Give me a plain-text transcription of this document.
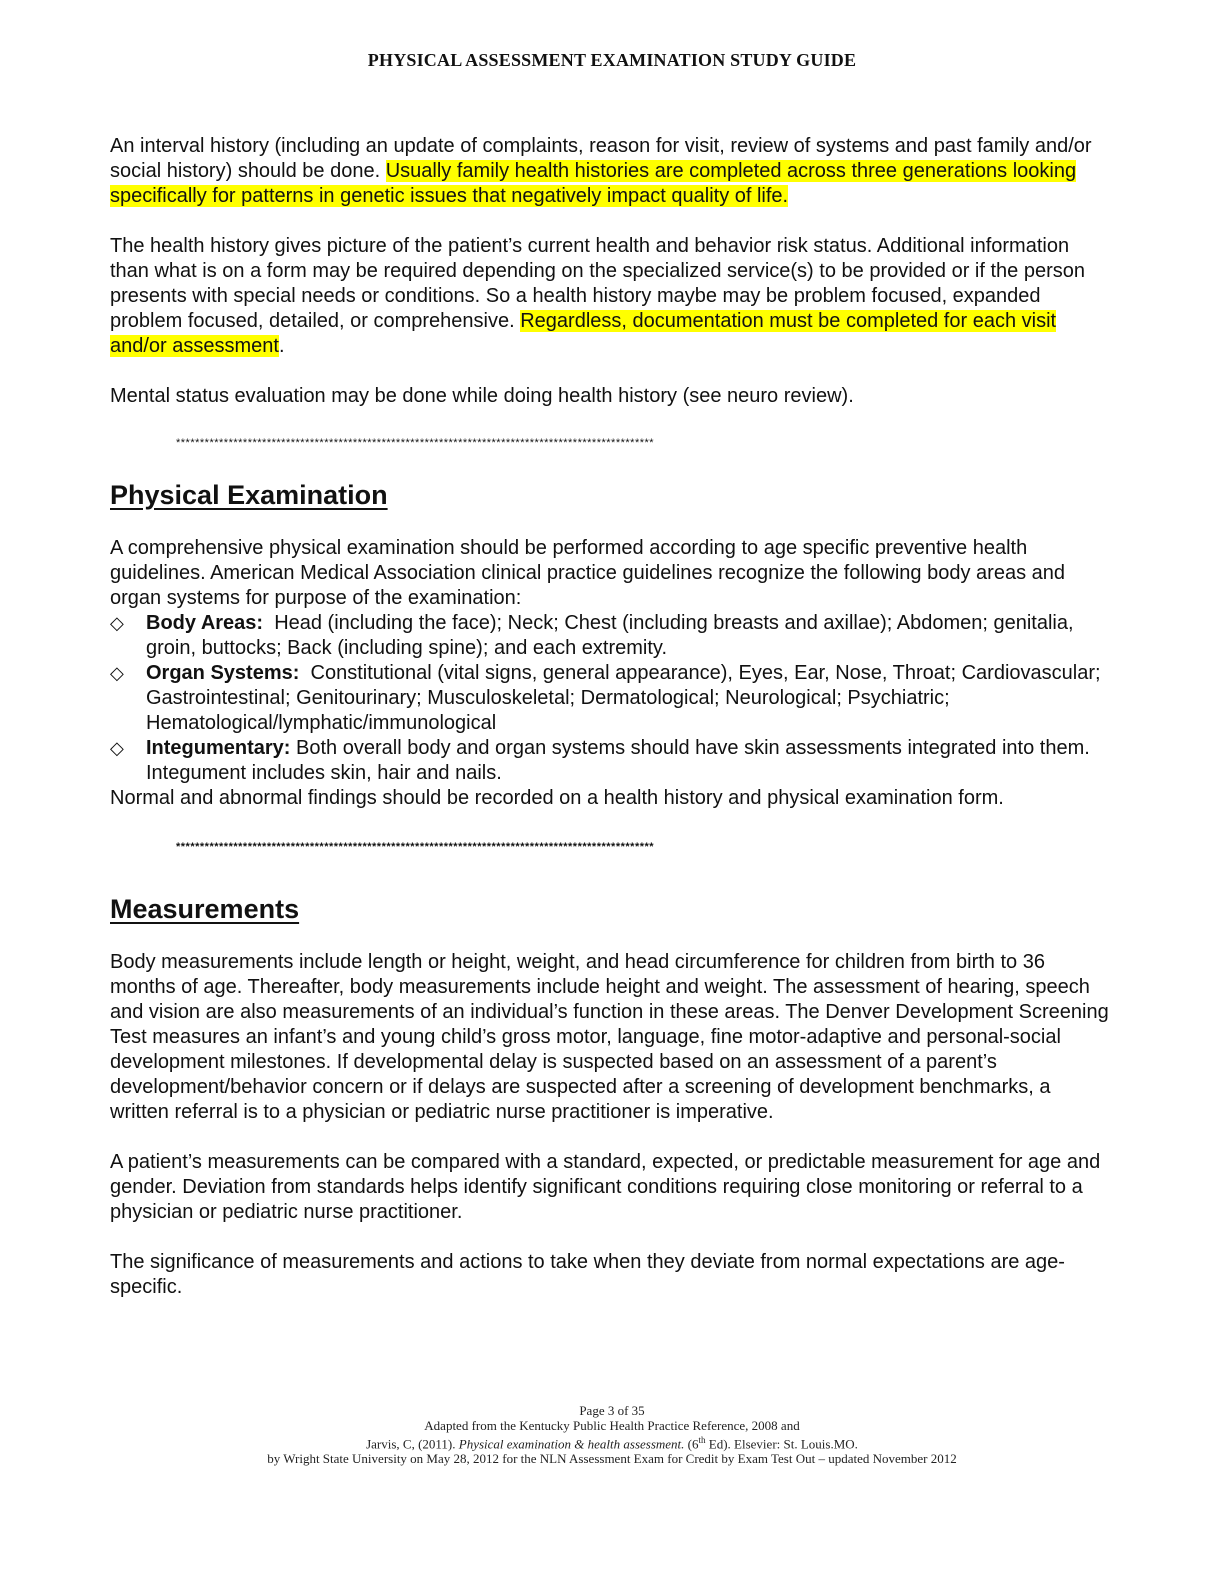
PHYSICAL ASSESSMENT EXAMINATION STUDY GUIDE

An interval history (including an update of complaints, reason for visit, review of systems and past family and/or social history) should be done. Usually family health histories are completed across three generations looking specifically for patterns in genetic issues that negatively impact quality of life.

The health history gives picture of the patient’s current health and behavior risk status. Additional information than what is on a form may be required depending on the specialized service(s) to be provided or if the person presents with special needs or conditions. So a health history maybe may be problem focused, expanded problem focused, detailed, or comprehensive. Regardless, documentation must be completed for each visit and/or assessment.

Mental status evaluation may be done while doing health history (see neuro review).

****************************************************************************************************
Physical Examination

A comprehensive physical examination should be performed according to age specific preventive health guidelines. American Medical Association clinical practice guidelines recognize the following body areas and organ systems for purpose of the examination:

◇ Body Areas:  Head (including the face); Neck; Chest (including breasts and axillae); Abdomen; genitalia, groin, buttocks; Back (including spine); and each extremity.
◇ Organ Systems:  Constitutional (vital signs, general appearance), Eyes, Ear, Nose, Throat; Cardiovascular; Gastrointestinal; Genitourinary; Musculoskeletal; Dermatological; Neurological; Psychiatric; Hematological/lymphatic/immunological
◇ Integumentary: Both overall body and organ systems should have skin assessments integrated into them. Integument includes skin, hair and nails.

Normal and abnormal findings should be recorded on a health history and physical examination form.

****************************************************************************************************
Measurements

Body measurements include length or height, weight, and head circumference for children from birth to 36 months of age. Thereafter, body measurements include height and weight. The assessment of hearing, speech and vision are also measurements of an individual’s function in these areas. The Denver Development Screening Test measures an infant’s and young child’s gross motor, language, fine motor-adaptive and personal-social development milestones. If developmental delay is suspected based on an assessment of a parent’s development/behavior concern or if delays are suspected after a screening of development benchmarks, a written referral is to a physician or pediatric nurse practitioner is imperative.

A patient’s measurements can be compared with a standard, expected, or predictable measurement for age and gender. Deviation from standards helps identify significant conditions requiring close monitoring or referral to a physician or pediatric nurse practitioner.

The significance of measurements and actions to take when they deviate from normal expectations are age-specific.

Page 3 of 35
Adapted from the Kentucky Public Health Practice Reference, 2008 and
Jarvis, C, (2011). Physical examination & health assessment. (6th Ed). Elsevier: St. Louis.MO.
by Wright State University on May 28, 2012 for the NLN Assessment Exam for Credit by Exam Test Out – updated November 2012
